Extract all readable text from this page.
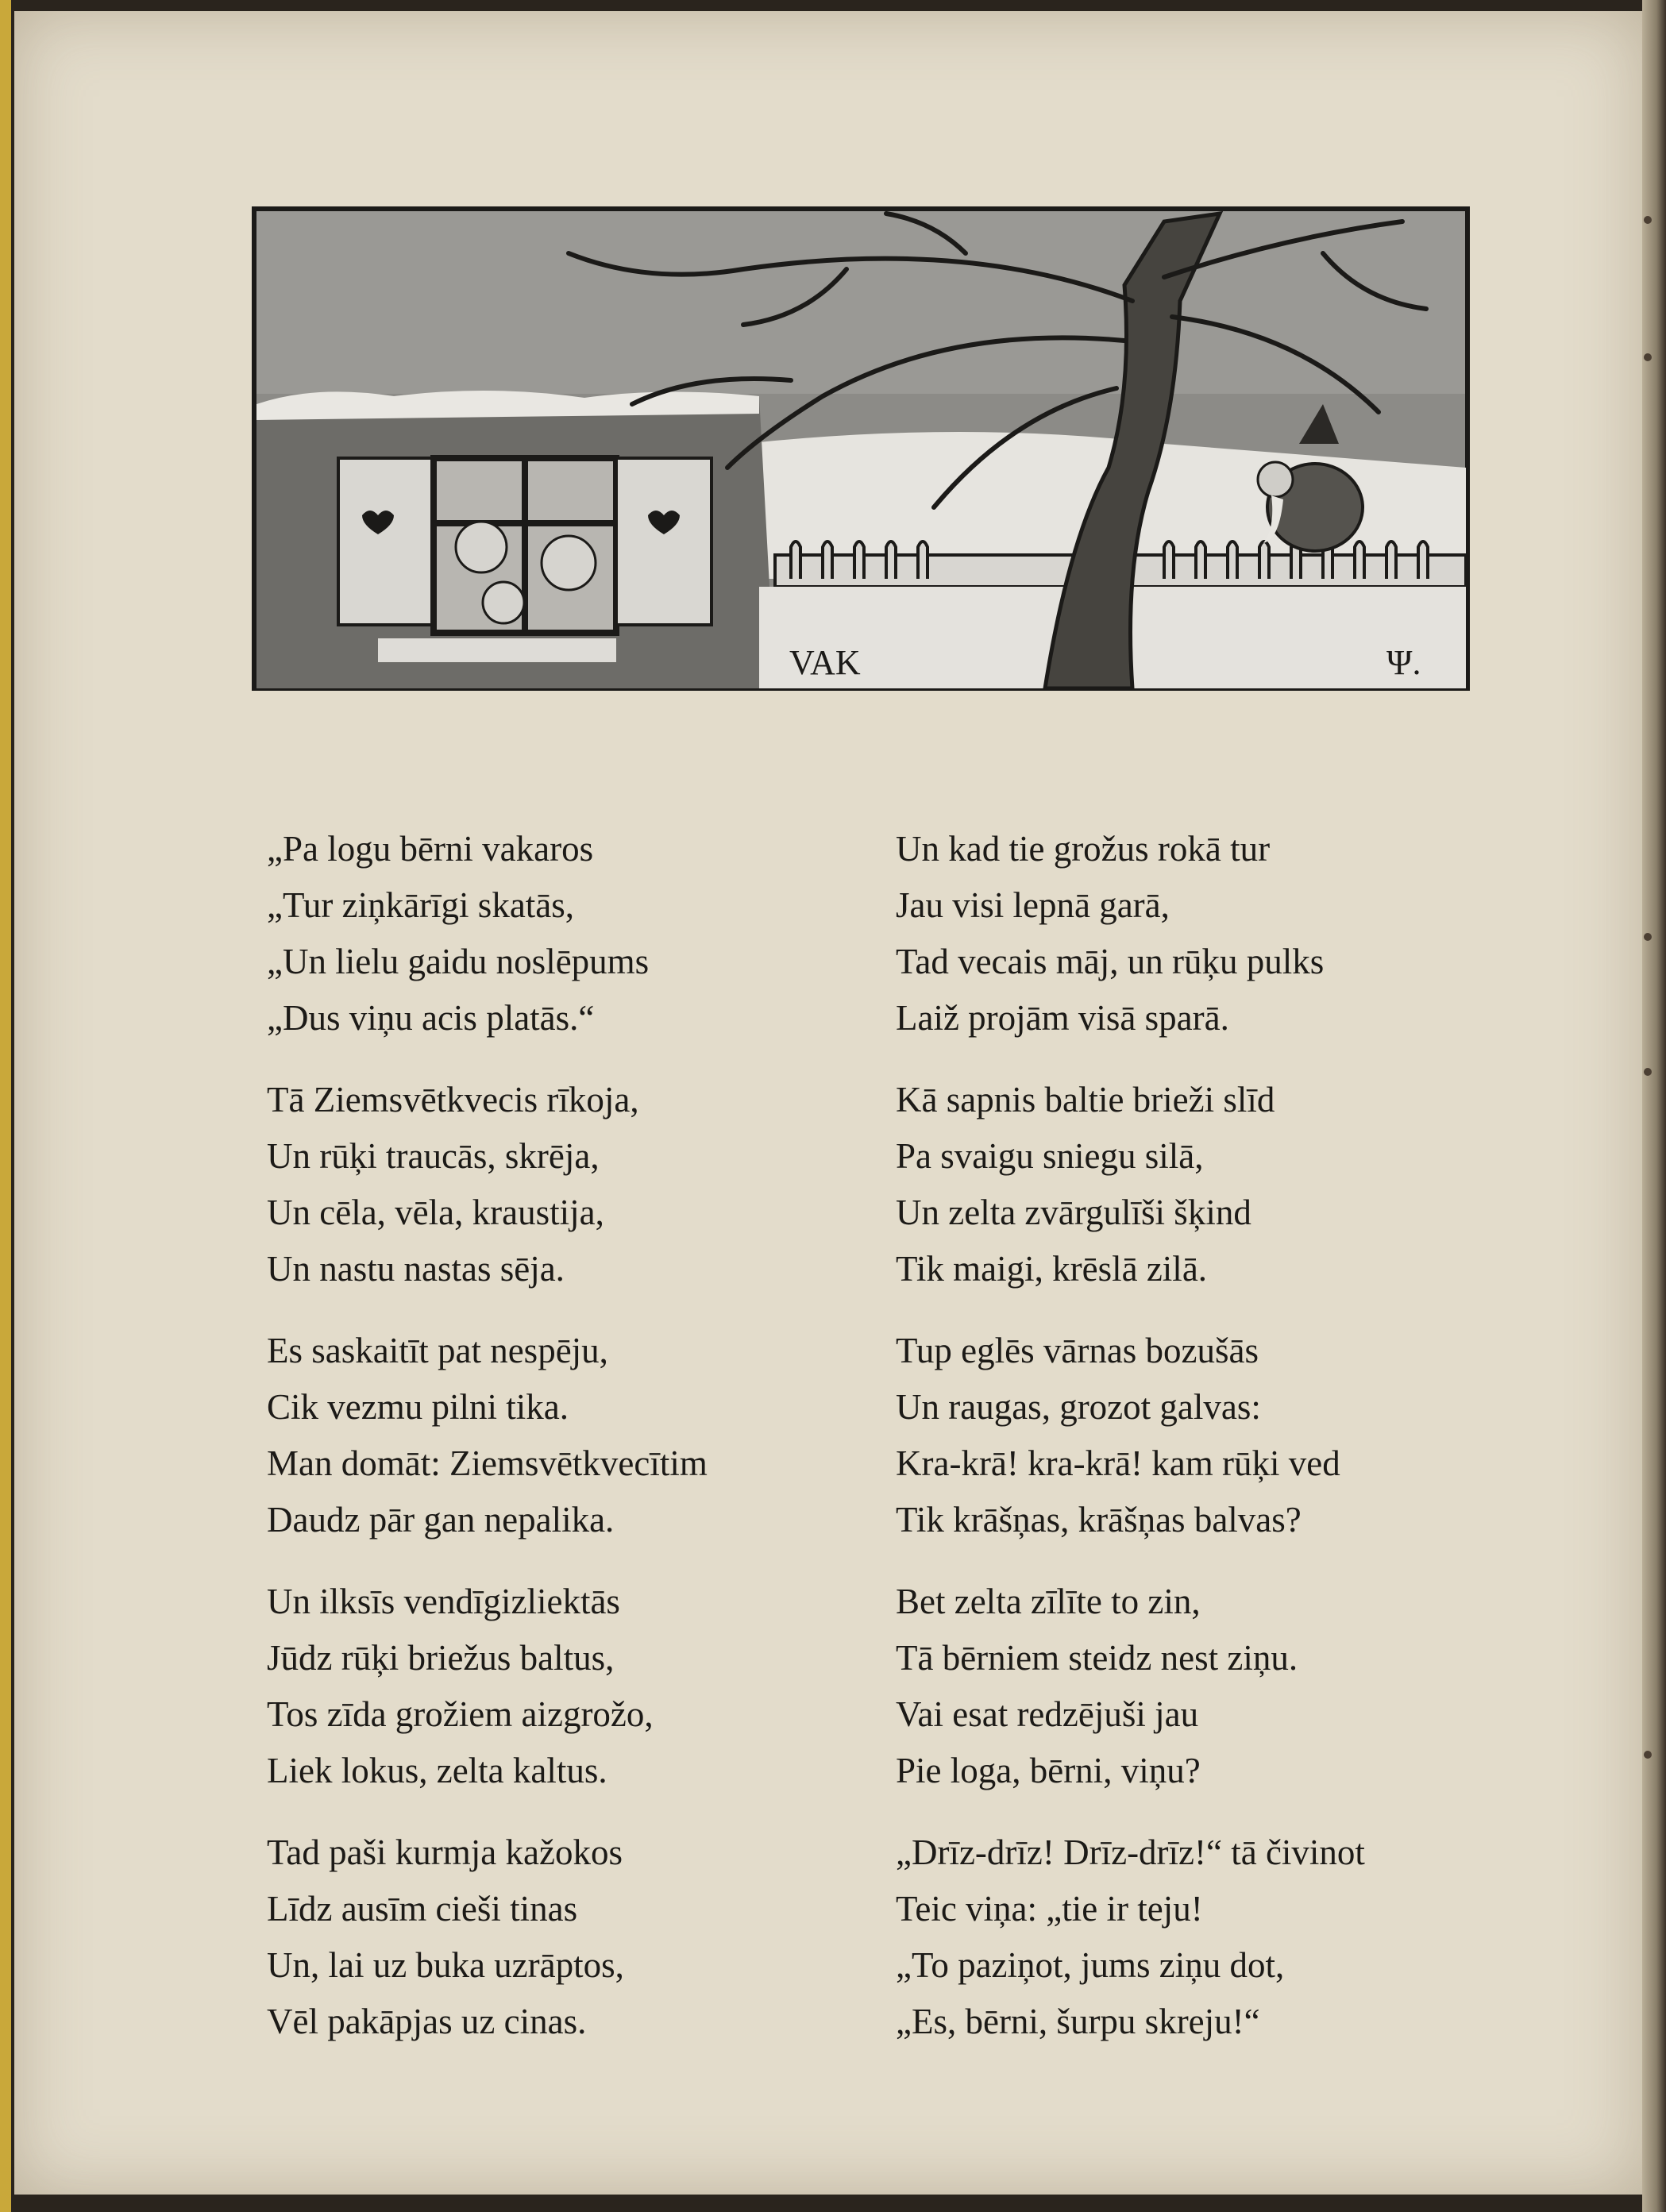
VAK	Ψ.
„Pa logu bērni vakaros
„Tur ziņkārīgi skatās,
„Un lielu gaidu noslēpums
„Dus viņu acis platās.“
Tā Ziemsvētkvecis rīkoja,
Un rūķi traucās, skrēja,
Un cēla, vēla, kraustija,
Un nastu nastas sēja.
Es saskaitīt pat nespēju,
Cik vezmu pilni tika.
Man domāt: Ziemsvētkvecītim
Daudz pār gan nepalika.
Un ilksīs vendīgizliektās
Jūdz rūķi briežus baltus,
Tos zīda grožiem aizgrožo,
Liek lokus, zelta kaltus.
Tad paši kurmja kažokos
Līdz ausīm cieši tinas
Un, lai uz buka uzrāptos,
Vēl pakāpjas uz cinas.
Un kad tie grožus rokā tur
Jau visi lepnā garā,
Tad vecais māj, un rūķu pulks
Laiž projām visā sparā.
Kā sapnis baltie brieži slīd
Pa svaigu sniegu silā,
Un zelta zvārgulīši šķind
Tik maigi, krēslā zilā.
Tup eglēs vārnas bozušās
Un raugas, grozot galvas:
Kra-krā! kra-krā! kam rūķi ved
Tik krāšņas, krāšņas balvas?
Bet zelta zīlīte to zin,
Tā bērniem steidz nest ziņu.
Vai esat redzējuši jau
Pie loga, bērni, viņu?
„Drīz-drīz! Drīz-drīz!“ tā čivinot
Teic viņa: „tie ir teju!
„To paziņot, jums ziņu dot,
„Es, bērni, šurpu skreju!“
